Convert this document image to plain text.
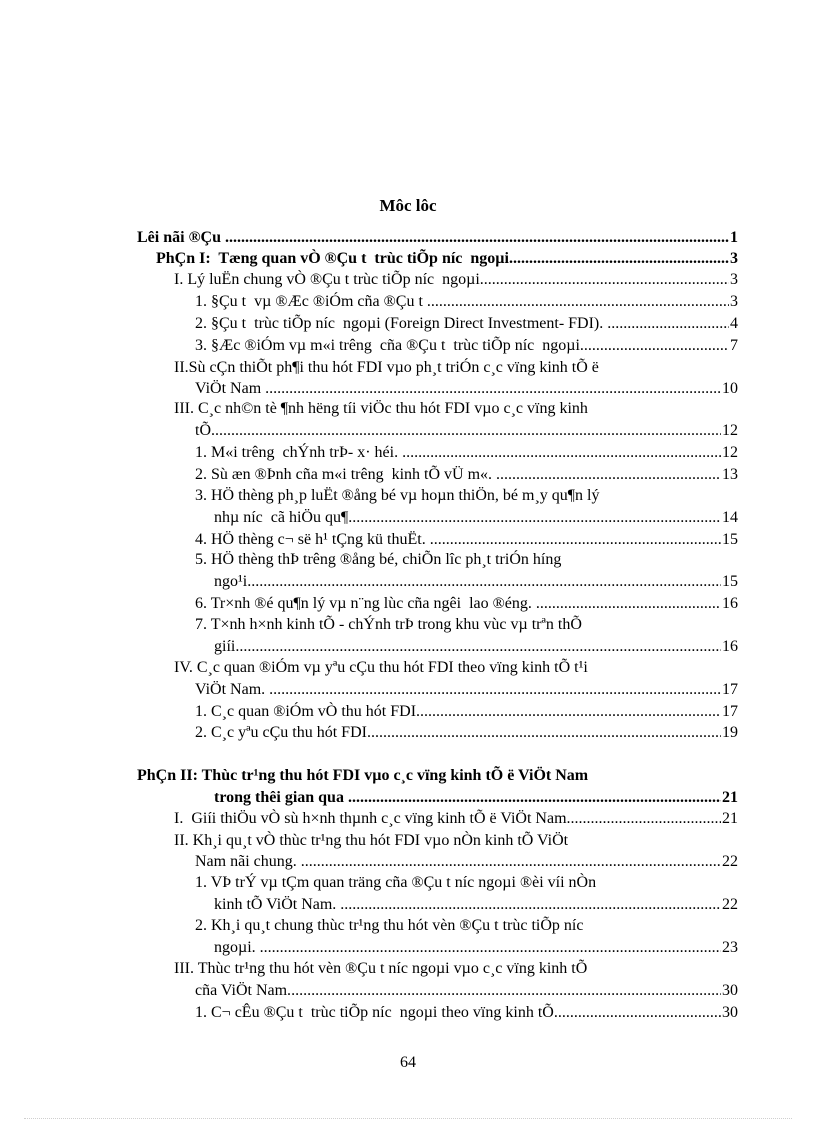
Môc lôc
Lêi nãi ®Çu .....	1
PhÇn I:  Tæng quan vÒ ®Çu t  trùc tiÕp níc  ngoµi .....	3
I. Lý luËn chung vÒ ®Çu t trùc tiÕp níc  ngoµi .....	3
1. §Çu t  vµ ®Æc ®iÓm cña ®Çu t .....	3
2. §Çu t  trùc tiÕp níc  ngoµi (Foreign Direct Investment- FDI). .....	4
3. §Æc ®iÓm vµ m«i trêng  cña ®Çu t  trùc tiÕp níc  ngoµi. .....	7
II.Sù cÇn thiÕt ph¶i thu hót FDI vµo ph¸t triÓn c¸c vïng kinh tÕ ë
ViÖt Nam .....	10
III. C¸c nh©n tè ¶nh hëng tíi viÖc thu hót FDI vµo c¸c vïng kinh
tÕ. .....	12
1. M«i trêng  chÝnh trÞ- x· héi. .....	12
2. Sù æn ®Þnh cña m«i trêng  kinh tÕ vÜ m«. .....	13
3. HÖ thèng ph¸p luËt ®ång bé vµ hoµn thiÖn, bé m¸y qu¶n lý
nhµ níc  cã hiÖu qu¶. .....	14
4. HÖ thèng c¬ së h¹ tÇng kü thuËt. .....	15
5. HÖ thèng thÞ trêng ®ång bé, chiÕn lîc ph¸t triÓn híng
ngo¹i. .....	15
6. Tr×nh ®é qu¶n lý vµ n¨ng lùc cña ngêi  lao ®éng. .....	16
7. T×nh h×nh kinh tÕ - chÝnh trÞ trong khu vùc vµ trªn thÕ
giíi. .....	16
IV. C¸c quan ®iÓm vµ yªu cÇu thu hót FDI theo vïng kinh tÕ t¹i
ViÖt Nam. .....	17
1. C¸c quan ®iÓm vÒ thu hót FDI .....	17
2. C¸c yªu cÇu thu hót FDI. .....	19
PhÇn II: Thùc tr¹ng thu hót FDI vµo c¸c vïng kinh tÕ ë ViÖt Nam
trong thêi gian qua .....	21
I.  Giíi thiÖu vÒ sù h×nh thµnh c¸c vïng kinh tÕ ë ViÖt Nam. .....	21
II. Kh¸i qu¸t vÒ thùc tr¹ng thu hót FDI vµo nÒn kinh tÕ ViÖt
Nam nãi chung. .....	22
1. VÞ trÝ vµ tÇm quan träng cña ®Çu t níc ngoµi ®èi víi nÒn
kinh tÕ ViÖt Nam. .....	22
2. Kh¸i qu¸t chung thùc tr¹ng thu hót vèn ®Çu t trùc tiÕp níc
ngoµi. .....	23
III. Thùc tr¹ng thu hót vèn ®Çu t níc ngoµi vµo c¸c vïng kinh tÕ
cña ViÖt Nam. .....	30
1. C¬ cÊu ®Çu t  trùc tiÕp níc  ngoµi theo vïng kinh tÕ. .....	30
64
